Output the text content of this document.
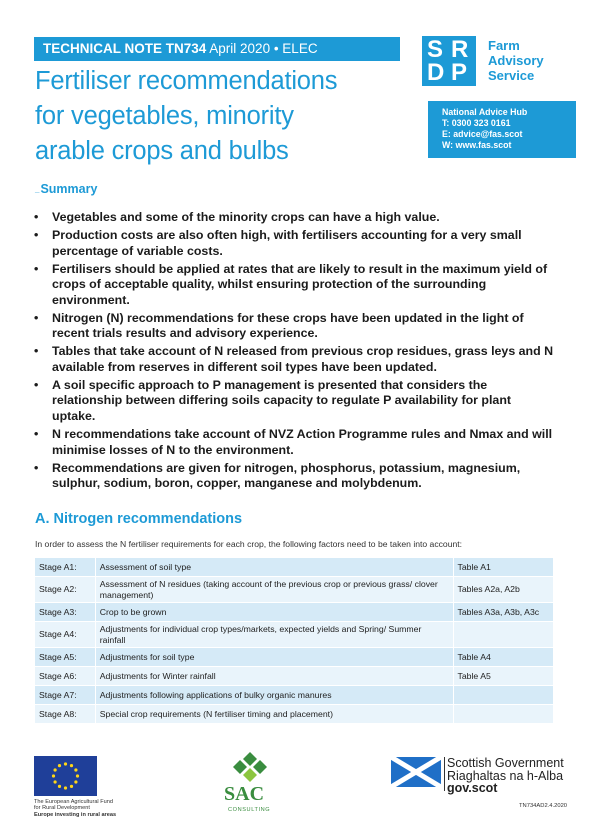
TECHNICAL NOTE TN734 April 2020 • ELEC
Fertiliser recommendations
for vegetables, minority
arable crops and bulbs
S R
D P
Farm
Advisory
Service
National Advice Hub
T: 0300 323 0161
E: advice@fas.scot
W: www.fas.scot
_Summary
• Vegetables and some of the minority crops can have a high value.
• Production costs are also often high, with fertilisers accounting for a very small percentage of variable costs.
• Fertilisers should be applied at rates that are likely to result in the maximum yield of crops of acceptable quality, whilst ensuring protection of the surrounding environment.
• Nitrogen (N) recommendations for these crops have been updated in the light of recent trials results and advisory experience.
• Tables that take account of N released from previous crop residues, grass leys and N available from reserves in different soil types have been updated.
• A soil specific approach to P management is presented that considers the relationship between differing soils capacity to regulate P availability for plant uptake.
• N recommendations take account of NVZ Action Programme rules and Nmax and will minimise losses of N to the environment.
• Recommendations are given for nitrogen, phosphorus, potassium, magnesium, sulphur, sodium, boron, copper, manganese and molybdenum.
A. Nitrogen recommendations
In order to assess the N fertiliser requirements for each crop, the following factors need to be taken into account:
Stage A1:	Assessment of soil type	Table A1
Stage A2:	Assessment of N residues (taking account of the previous crop or previous grass/ clover management)	Tables A2a, A2b
Stage A3:	Crop to be grown	Tables A3a, A3b, A3c
Stage A4:	Adjustments for individual crop types/markets, expected yields and Spring/ Summer rainfall	
Stage A5:	Adjustments for soil type	Table A4
Stage A6:	Adjustments for Winter rainfall	Table A5
Stage A7:	Adjustments following applications of bulky organic manures	
Stage A8:	Special crop requirements (N fertiliser timing and placement)	
The European Agricultural Fund
for Rural Development
Europe investing in rural areas
SAC
CONSULTING
Scottish Government
Riaghaltas na h-Alba
gov.scot
TN734AD2.4.2020
